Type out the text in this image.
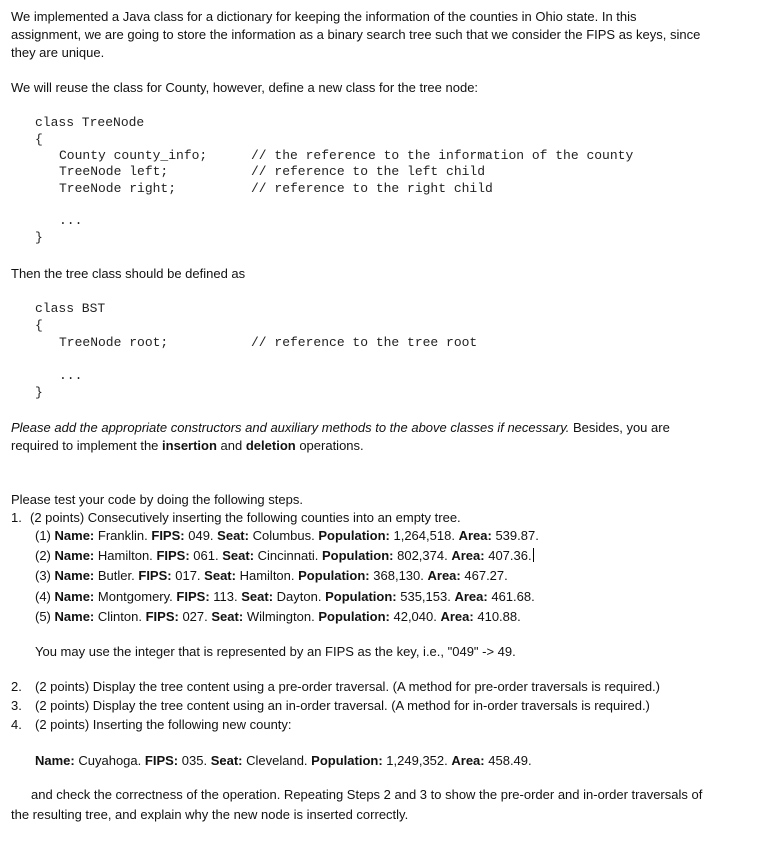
We implemented a Java class for a dictionary for keeping the information of the counties in Ohio state. In this
assignment, we are going to store the information as a binary search tree such that we consider the FIPS as keys, since
they are unique.
We will reuse the class for County, however, define a new class for the tree node:
class TreeNode
{
County county_info;	// the reference to the information of the county
TreeNode left;	// reference to the left child
TreeNode right;	// reference to the right child
...
}
Then the tree class should be defined as
class BST
{
TreeNode root;	// reference to the tree root
...
}
Please add the appropriate constructors and auxiliary methods to the above classes if necessary. Besides, you are
required to implement the insertion and deletion operations.
Please test your code by doing the following steps.
1. (2 points) Consecutively inserting the following counties into an empty tree.
(1) Name: Franklin. FIPS: 049. Seat: Columbus. Population: 1,264,518. Area: 539.87.
(2) Name: Hamilton. FIPS: 061. Seat: Cincinnati. Population: 802,374. Area: 407.36.
(3) Name: Butler. FIPS: 017. Seat: Hamilton. Population: 368,130. Area: 467.27.
(4) Name: Montgomery. FIPS: 113. Seat: Dayton. Population: 535,153. Area: 461.68.
(5) Name: Clinton. FIPS: 027. Seat: Wilmington. Population: 42,040. Area: 410.88.
You may use the integer that is represented by an FIPS as the key, i.e., "049" -> 49.
2. (2 points) Display the tree content using a pre-order traversal. (A method for pre-order traversals is required.)
3. (2 points) Display the tree content using an in-order traversal. (A method for in-order traversals is required.)
4. (2 points) Inserting the following new county:
Name: Cuyahoga. FIPS: 035. Seat: Cleveland. Population: 1,249,352. Area: 458.49.
and check the correctness of the operation. Repeating Steps 2 and 3 to show the pre-order and in-order traversals of
the resulting tree, and explain why the new node is inserted correctly.
